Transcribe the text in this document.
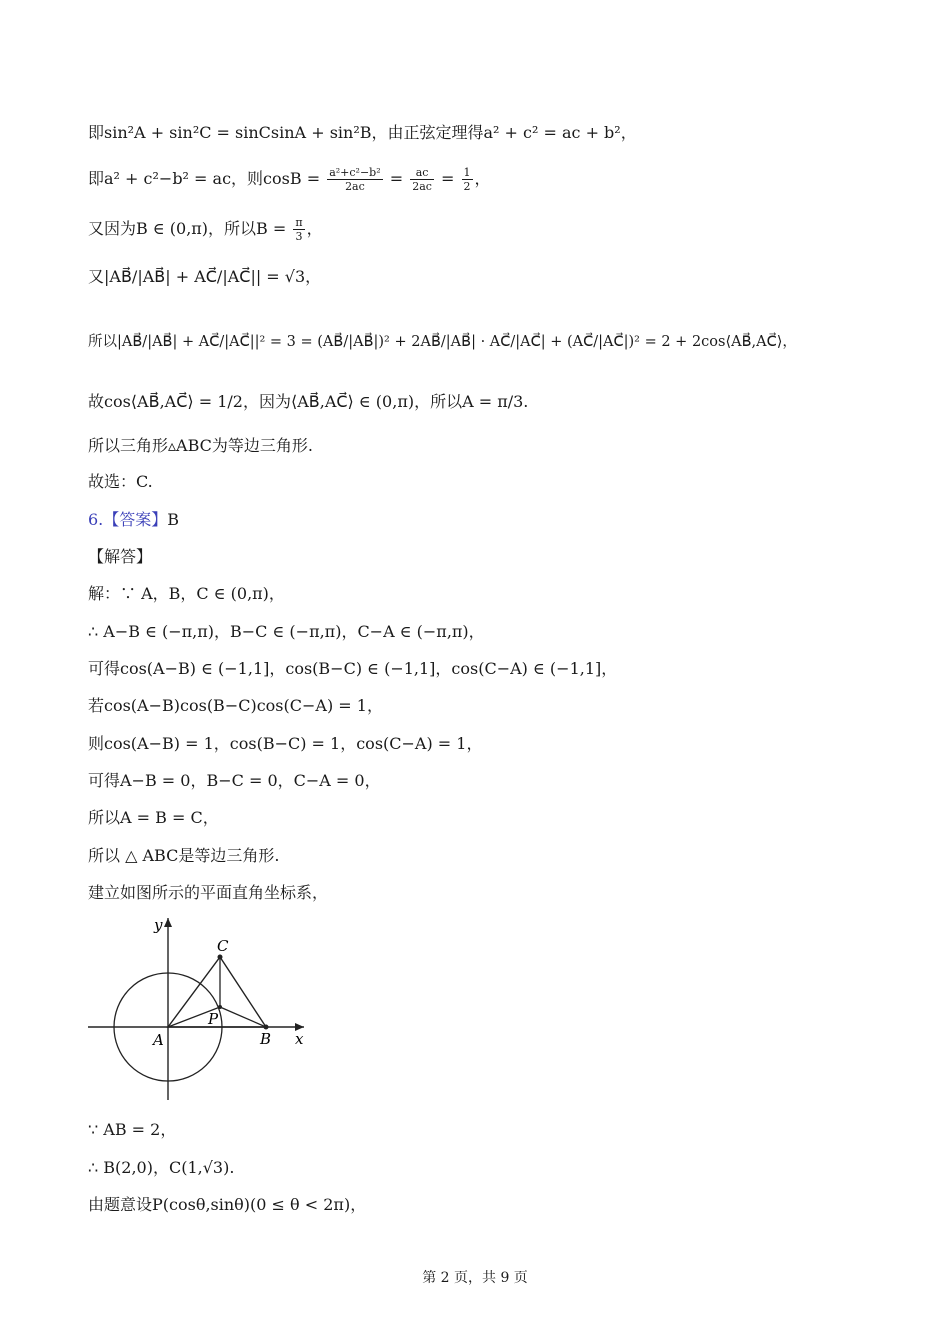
即sin²A + sin²C = sinCsinA + sin²B，由正弦定理得a² + c² = ac + b²，
即a² + c²−b² = ac，则$\cos B = \frac{\text{a²+c²−b²}}{2ac} = \frac{ac}{2ac} = \frac{1}{2}$ ，
又因为B ∈ (0,π)，所以$B = \frac{\pi}{3}$ ，
又|AB⃗/|AB⃗| + AC⃗/|AC⃗|| = √3，
所以|AB⃗/|AB⃗| + AC⃗/|AC⃗||² = 3 = (AB⃗/|AB⃗|)² + 2AB⃗/|AB⃗| · AC⃗/|AC⃗| + (AC⃗/|AC⃗|)² = 2 + 2cos⟨AB⃗,AC⃗⟩，
故cos⟨AB⃗,AC⃗⟩ = 1/2，因为⟨AB⃗,AC⃗⟩ ∈ (0,π)，所以A = π/3.
所以三角形▵ABC为等边三角形.
故选：C.
6.【答案】B
【解答】
解：∵ A，B，C ∈ (0,π)，
∴ A−B ∈ (−π,π)，B−C ∈ (−π,π)，C−A ∈ (−π,π)，
可得cos(A−B) ∈ (−1,1]，cos(B−C) ∈ (−1,1]，cos(C−A) ∈ (−1,1]，
若cos(A−B)cos(B−C)cos(C−A) = 1，
则cos(A−B) = 1，cos(B−C) = 1，cos(C−A) = 1，
可得A−B = 0，B−C = 0，C−A = 0，
所以A = B = C，
所以 △ ABC是等边三角形.
建立如图所示的平面直角坐标系，
y
x
A	B
C
P
∵ AB = 2，
∴ B(2,0)，C(1,√3).
由题意设P(cosθ,sinθ)(0 ≤ θ < 2π)，
第 2 页，共 9 页
